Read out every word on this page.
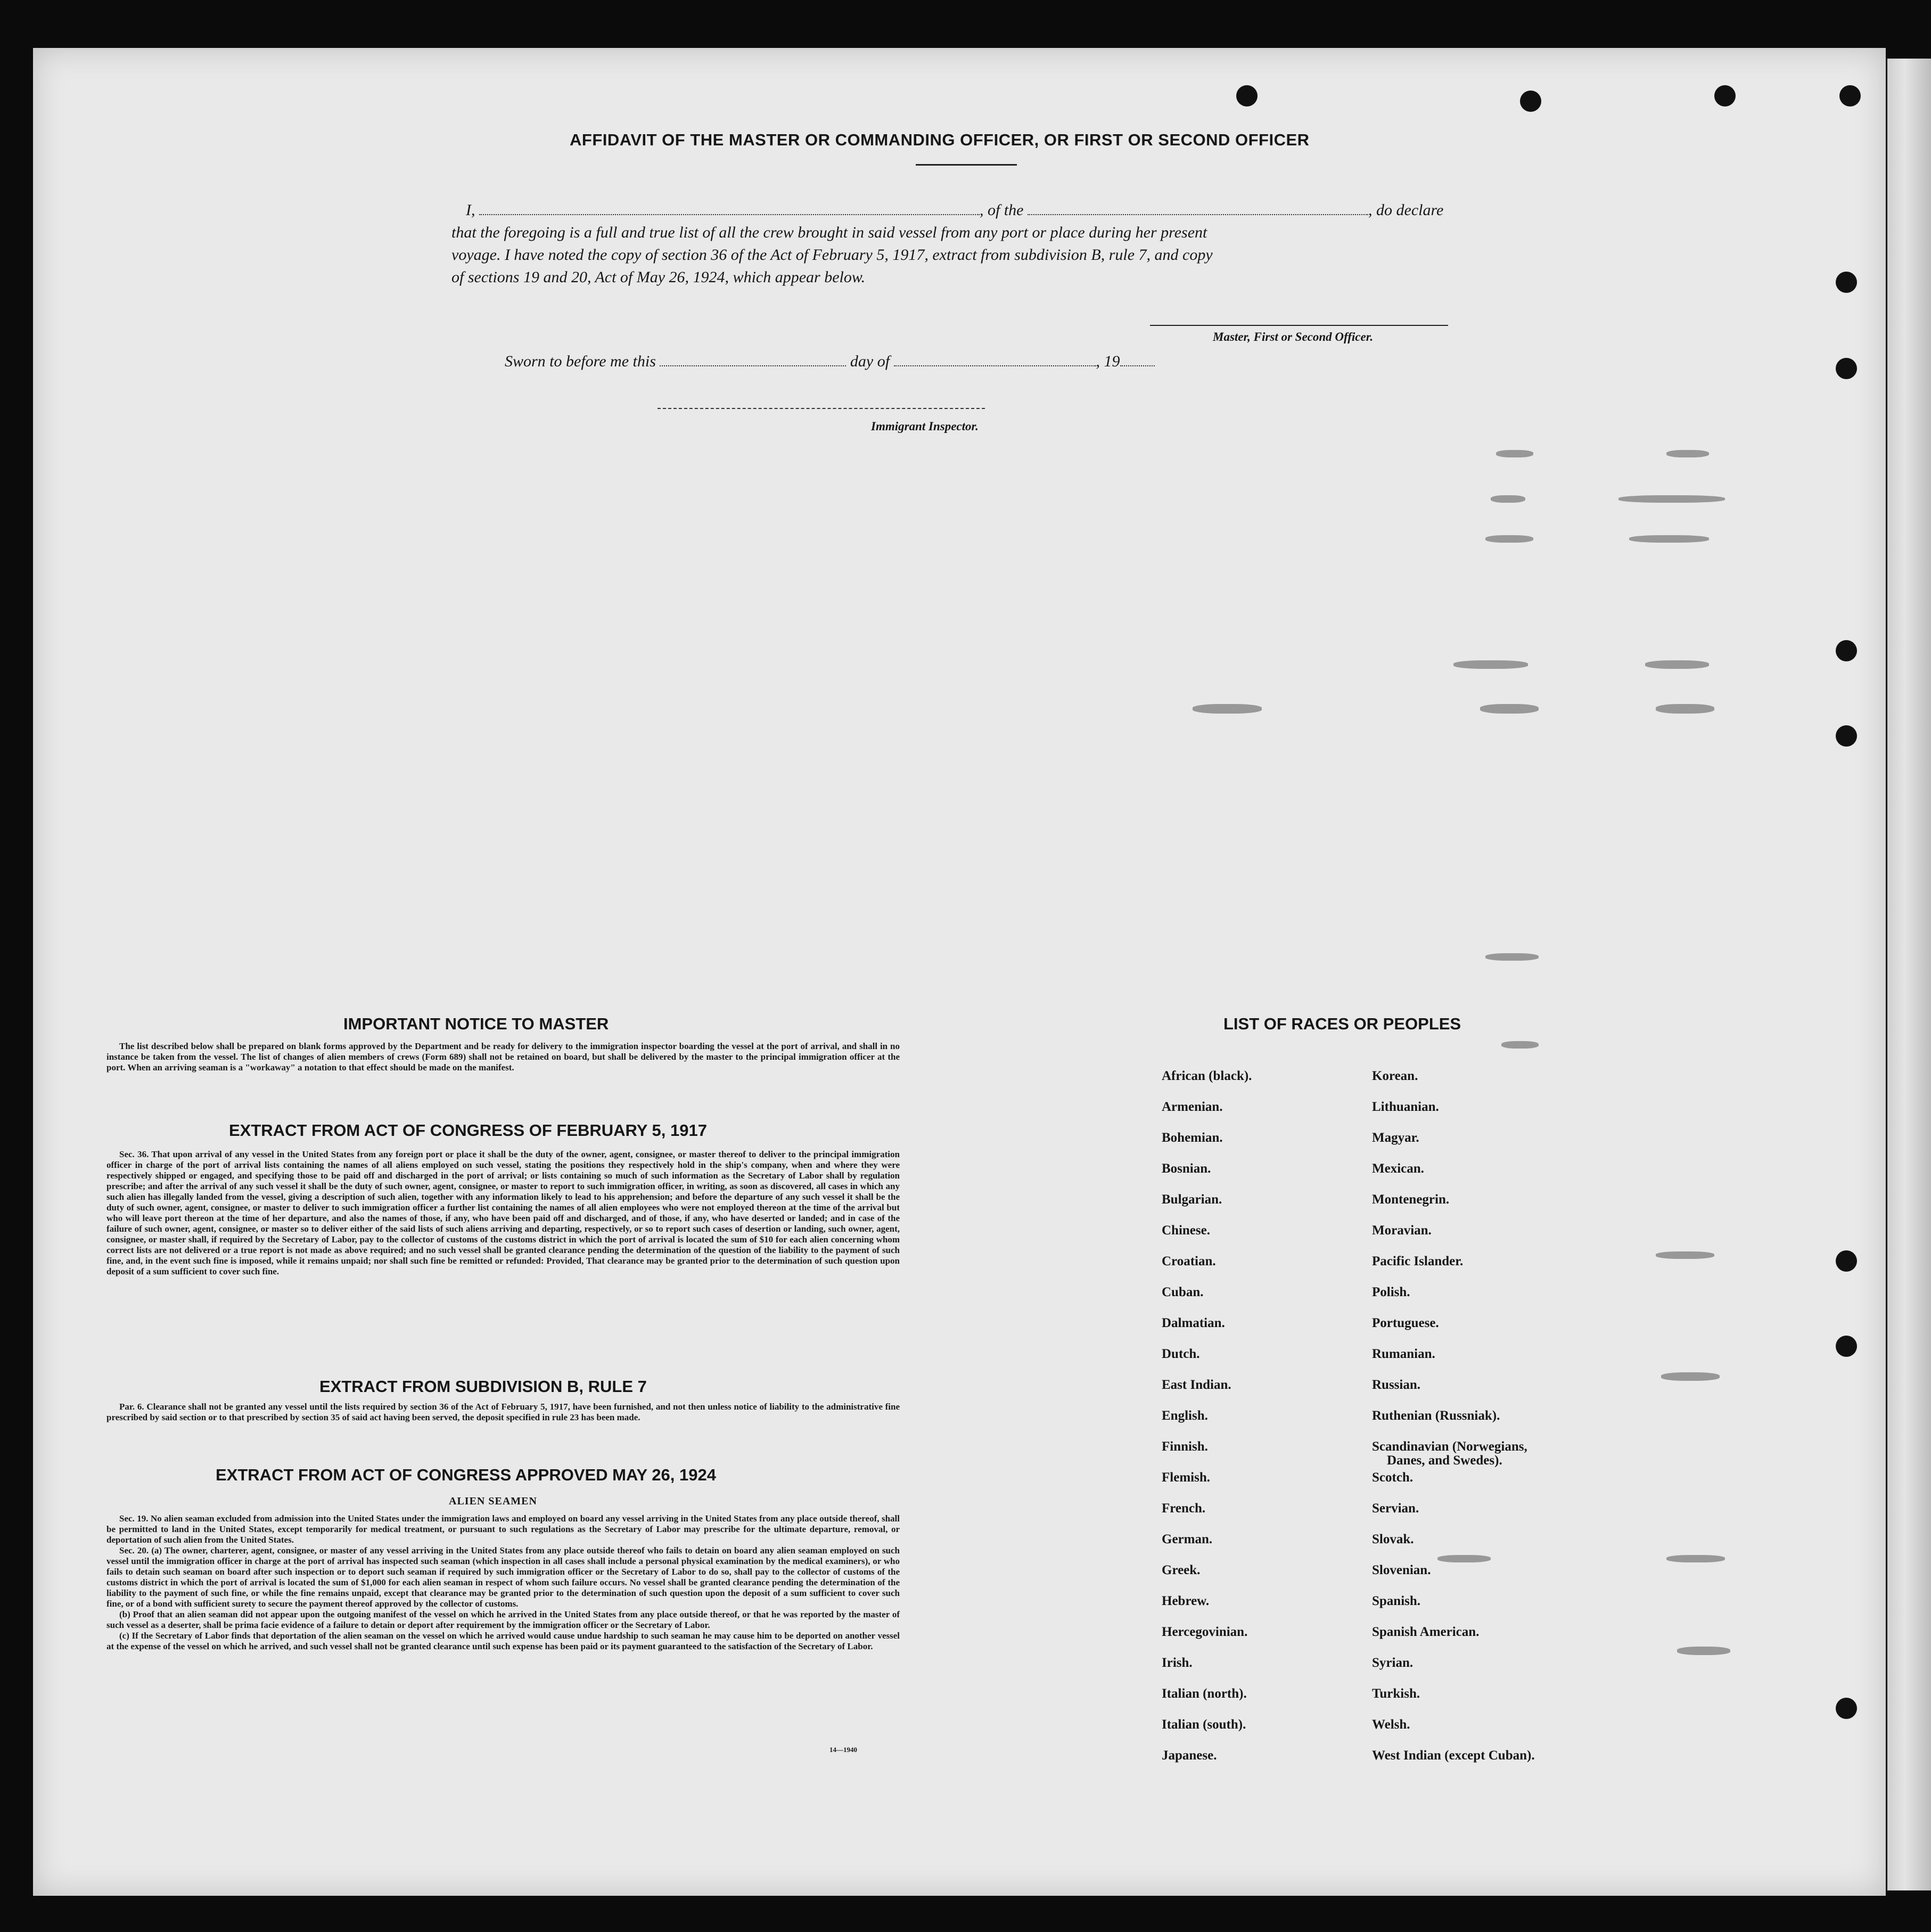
AFFIDAVIT OF THE MASTER OR COMMANDING OFFICER, OR FIRST OR SECOND OFFICER
I,	, of the	, do declare
that the foregoing is a full and true list of all the crew brought in said vessel from any port or place during her present
voyage. I have noted the copy of section 36 of the Act of February 5, 1917, extract from subdivision B, rule 7, and copy
of sections 19 and 20, Act of May 26, 1924, which appear below.
Master, First or Second Officer.
Sworn to before me this	day of	, 19
Immigrant Inspector.
IMPORTANT NOTICE TO MASTER

The list described below shall be prepared on blank forms approved by the Department and be ready for delivery to the immigration inspector boarding the vessel at the port of arrival, and shall in no instance be taken from the vessel. The list of changes of alien members of crews (Form 689) shall not be retained on board, but shall be delivered by the master to the principal immigration officer at the port. When an arriving seaman is a "workaway" a notation to that effect should be made on the manifest.

EXTRACT FROM ACT OF CONGRESS OF FEBRUARY 5, 1917

Sec. 36. That upon arrival of any vessel in the United States from any foreign port or place it shall be the duty of the owner, agent, consignee, or master thereof to deliver to the principal immigration officer in charge of the port of arrival lists containing the names of all aliens employed on such vessel, stating the positions they respectively hold in the ship's company, when and where they were respectively shipped or engaged, and specifying those to be paid off and discharged in the port of arrival; or lists containing so much of such information as the Secretary of Labor shall by regulation prescribe; and after the arrival of any such vessel it shall be the duty of such owner, agent, consignee, or master to report to such immigration officer, in writing, as soon as discovered, all cases in which any such alien has illegally landed from the vessel, giving a description of such alien, together with any information likely to lead to his apprehension; and before the departure of any such vessel it shall be the duty of such owner, agent, consignee, or master to deliver to such immigration officer a further list containing the names of all alien employees who were not employed thereon at the time of the arrival but who will leave port thereon at the time of her departure, and also the names of those, if any, who have been paid off and discharged, and of those, if any, who have deserted or landed; and in case of the failure of such owner, agent, consignee, or master so to deliver either of the said lists of such aliens arriving and departing, respectively, or so to report such cases of desertion or landing, such owner, agent, consignee, or master shall, if required by the Secretary of Labor, pay to the collector of customs of the customs district in which the port of arrival is located the sum of $10 for each alien concerning whom correct lists are not delivered or a true report is not made as above required; and no such vessel shall be granted clearance pending the determination of the question of the liability to the payment of such fine, and, in the event such fine is imposed, while it remains unpaid; nor shall such fine be remitted or refunded: Provided, That clearance may be granted prior to the determination of such question upon deposit of a sum sufficient to cover such fine.

EXTRACT FROM SUBDIVISION B, RULE 7

Par. 6. Clearance shall not be granted any vessel until the lists required by section 36 of the Act of February 5, 1917, have been furnished, and not then unless notice of liability to the administrative fine prescribed by said section or to that prescribed by section 35 of said act having been served, the deposit specified in rule 23 has been made.

EXTRACT FROM ACT OF CONGRESS APPROVED MAY 26, 1924
ALIEN SEAMEN

Sec. 19. No alien seaman excluded from admission into the United States under the immigration laws and employed on board any vessel arriving in the United States from any place outside thereof, shall be permitted to land in the United States, except temporarily for medical treatment, or pursuant to such regulations as the Secretary of Labor may prescribe for the ultimate departure, removal, or deportation of such alien from the United States.

Sec. 20. (a) The owner, charterer, agent, consignee, or master of any vessel arriving in the United States from any place outside thereof who fails to detain on board any alien seaman employed on such vessel until the immigration officer in charge at the port of arrival has inspected such seaman (which inspection in all cases shall include a personal physical examination by the medical examiners), or who fails to detain such seaman on board after such inspection or to deport such seaman if required by such immigration officer or the Secretary of Labor to do so, shall pay to the collector of customs of the customs district in which the port of arrival is located the sum of $1,000 for each alien seaman in respect of whom such failure occurs. No vessel shall be granted clearance pending the determination of the liability to the payment of such fine, or while the fine remains unpaid, except that clearance may be granted prior to the determination of such question upon the deposit of a sum sufficient to cover such fine, or of a bond with sufficient surety to secure the payment thereof approved by the collector of customs.

(b) Proof that an alien seaman did not appear upon the outgoing manifest of the vessel on which he arrived in the United States from any place outside thereof, or that he was reported by the master of such vessel as a deserter, shall be prima facie evidence of a failure to detain or deport after requirement by the immigration officer or the Secretary of Labor.

(c) If the Secretary of Labor finds that deportation of the alien seaman on the vessel on which he arrived would cause undue hardship to such seaman he may cause him to be deported on another vessel at the expense of the vessel on which he arrived, and such vessel shall not be granted clearance until such expense has been paid or its payment guaranteed to the satisfaction of the Secretary of Labor.

14—1940
LIST OF RACES OR PEOPLES
African (black).
Armenian.
Bohemian.
Bosnian.
Bulgarian.
Chinese.
Croatian.
Cuban.
Dalmatian.
Dutch.
East Indian.
English.
Finnish.
Flemish.
French.
German.
Greek.
Hebrew.
Hercegovinian.
Irish.
Italian (north).
Italian (south).
Japanese.
Korean.
Lithuanian.
Magyar.
Mexican.
Montenegrin.
Moravian.
Pacific Islander.
Polish.
Portuguese.
Rumanian.
Russian.
Ruthenian (Russniak).
Scandinavian (Norwegians,
Danes, and Swedes).
Scotch.
Servian.
Slovak.
Slovenian.
Spanish.
Spanish American.
Syrian.
Turkish.
Welsh.
West Indian (except Cuban).
